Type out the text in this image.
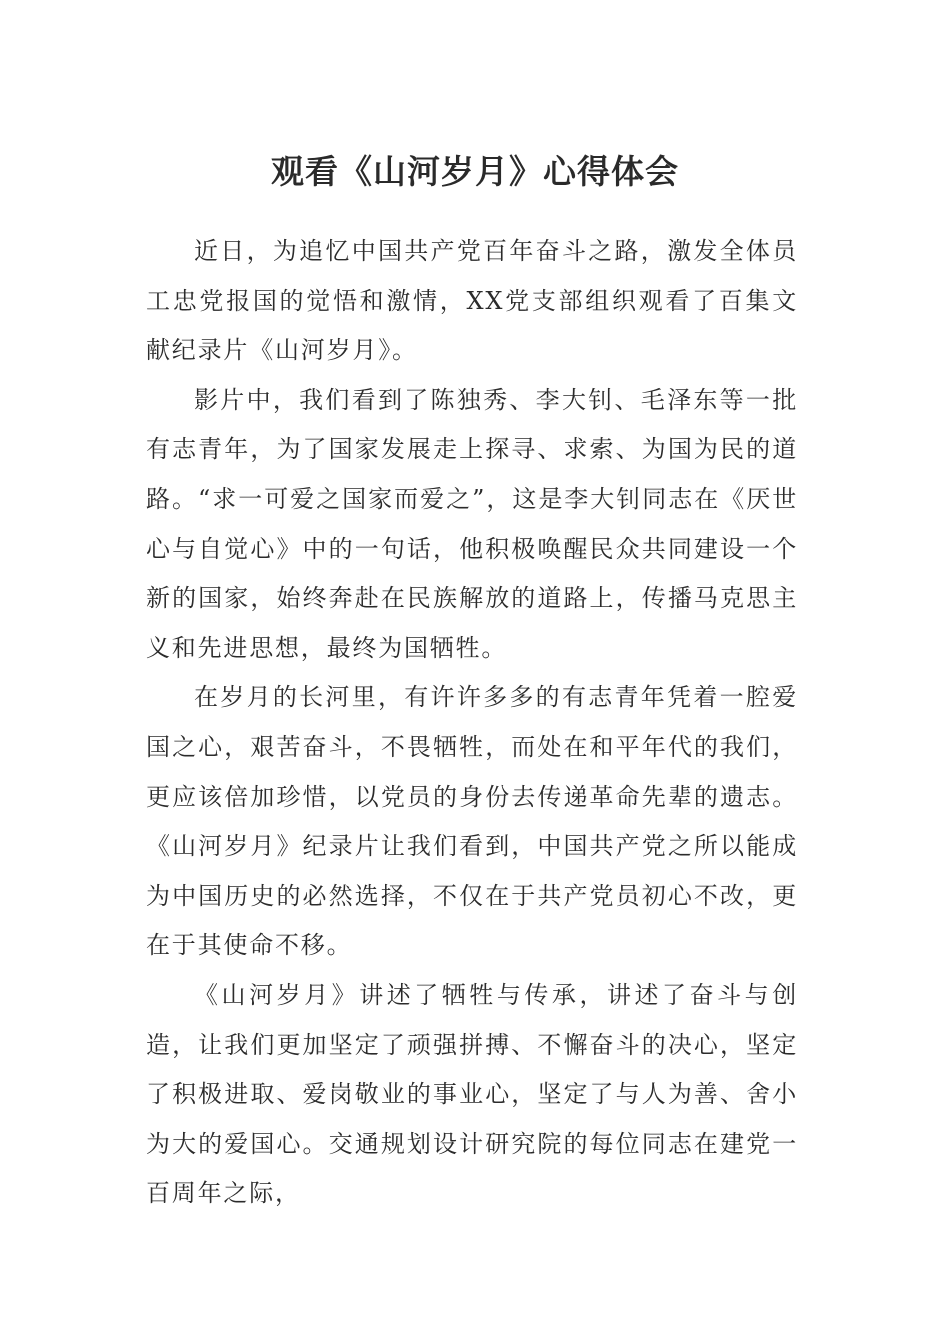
观看《山河岁月》心得体会

近日，为追忆中国共产党百年奋斗之路，激发全体员工忠党报国的觉悟和激情，XX党支部组织观看了百集文献纪录片《山河岁月》。

影片中，我们看到了陈独秀、李大钊、毛泽东等一批有志青年，为了国家发展走上探寻、求索、为国为民的道路。“求一可爱之国家而爱之”，这是李大钊同志在《厌世心与自觉心》中的一句话，他积极唤醒民众共同建设一个新的国家，始终奔赴在民族解放的道路上，传播马克思主义和先进思想，最终为国牺牲。

在岁月的长河里，有许许多多的有志青年凭着一腔爱国之心，艰苦奋斗，不畏牺牲，而处在和平年代的我们，更应该倍加珍惜，以党员的身份去传递革命先辈的遗志。《山河岁月》纪录片让我们看到，中国共产党之所以能成为中国历史的必然选择，不仅在于共产党员初心不改，更在于其使命不移。

《山河岁月》讲述了牺牲与传承，讲述了奋斗与创造，让我们更加坚定了顽强拼搏、不懈奋斗的决心，坚定了积极进取、爱岗敬业的事业心，坚定了与人为善、舍小为大的爱国心。交通规划设计研究院的每位同志在建党一百周年之际，
